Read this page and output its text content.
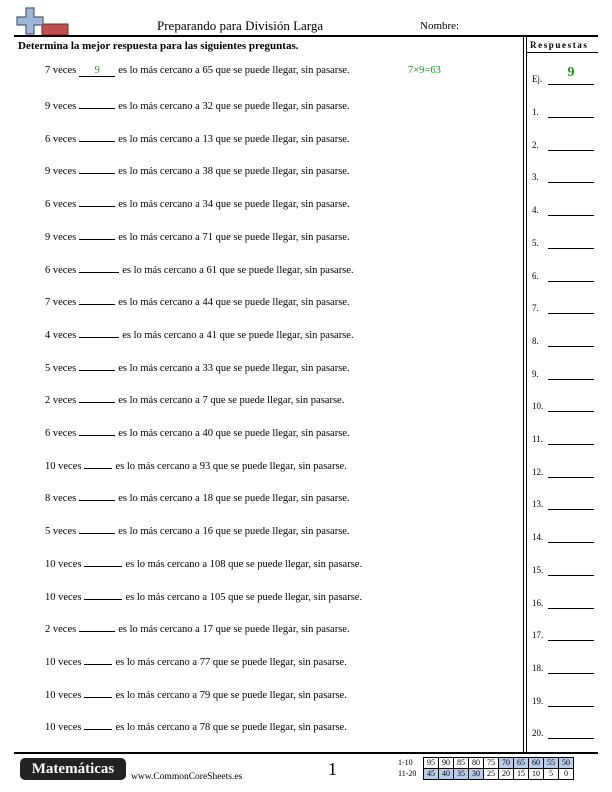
Preparando para División Larga	Nombre:
Determina la mejor respuesta para las siguientes preguntas.	Respuestas
7 veces 9 es lo más cercano a 65 que se puede llegar, sin pasarse.	7×9=63
Ej.	9
9 veces	es lo más cercano a 32 que se puede llegar, sin pasarse.
6 veces	es lo más cercano a 13 que se puede llegar, sin pasarse.
9 veces	es lo más cercano a 38 que se puede llegar, sin pasarse.
6 veces	es lo más cercano a 34 que se puede llegar, sin pasarse.
9 veces	es lo más cercano a 71 que se puede llegar, sin pasarse.
6 veces	es lo más cercano a 61 que se puede llegar, sin pasarse.
7 veces	es lo más cercano a 44 que se puede llegar, sin pasarse.
4 veces	es lo más cercano a 41 que se puede llegar, sin pasarse.
5 veces	es lo más cercano a 33 que se puede llegar, sin pasarse.
2 veces	es lo más cercano a 7 que se puede llegar, sin pasarse.
6 veces	es lo más cercano a 40 que se puede llegar, sin pasarse.
10 veces	es lo más cercano a 93 que se puede llegar, sin pasarse.
8 veces	es lo más cercano a 18 que se puede llegar, sin pasarse.
5 veces	es lo más cercano a 16 que se puede llegar, sin pasarse.
10 veces	es lo más cercano a 108 que se puede llegar, sin pasarse.
10 veces	es lo más cercano a 105 que se puede llegar, sin pasarse.
2 veces	es lo más cercano a 17 que se puede llegar, sin pasarse.
10 veces	es lo más cercano a 77 que se puede llegar, sin pasarse.
10 veces	es lo más cercano a 79 que se puede llegar, sin pasarse.
10 veces	es lo más cercano a 78 que se puede llegar, sin pasarse.
1.
2.
3.
4.
5.
6.
7.
8.
9.
10.
11.
12.
13.
14.
15.
16.
17.
18.
19.
20.
Matemáticas	www.CommonCoreSheets.es	1	1-10	95	90	85	80	75	70	65	60	55	50
11-20	45	40	35	30	25	20	15	10	5	0
